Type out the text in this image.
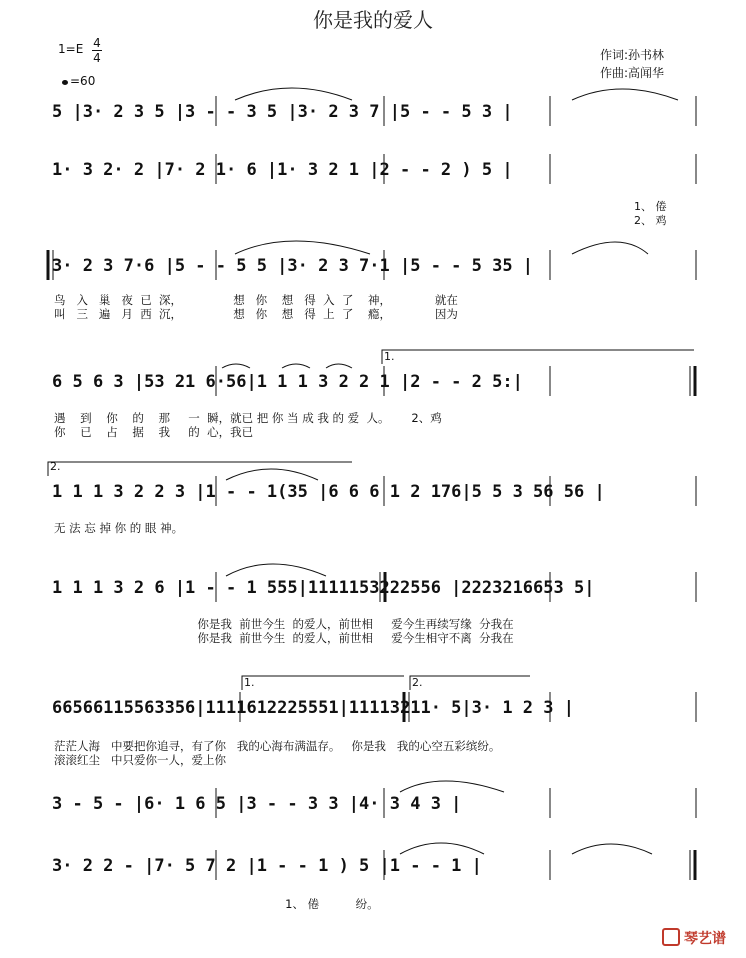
你是我的爱人
1=E 4
4
=60
作词:孙书林
作曲:高闻华
5 |3· 2 3 5 |3 - - 3 5 |3· 2 3 7 |5 - - 5 3 |
1· 3 2· 2 |7· 2 1· 6 |1· 3 2 1 |2 - - 2 ) 5 |
1、 倦
2、 鸡
3· 2 3 7·6 |5 - - 5 5 |3· 2 3 7·1 |5 - - 5 35 |
鸟   入   巢   夜  已  深，              想   你    想   得  入  了    神，            就在
叫   三   遍   月  西  沉，              想   你    想   得  上  了    瘾，            因为
1.
6 5 6 3 |53 21 6·56|1 1 1 3 2 2 1 |2 - - 2 5:|
遇    到    你    的    那     一  瞬，就已 把 你 当 成 我 的 爱  人。      2、鸡
你    已    占    据    我     的  心，我已
2.
1 1 1 3 2 2 3 |1 - - 1(35 |6 6 6 1 2 176|5 5 3 56 56 |
无 法 忘 掉 你 的 眼 神。
1 1 1 3 2 6 |1 - - 1 555|1111153222556 |2223216653 5|
你是我  前世今生  的爱人，前世相     爱今生再续写缘  分我在
你是我  前世今生  的爱人，前世相     爱今生相守不离  分我在
1.	2.
66566115563356|1111612225551|11113211· 5|3· 1 2 3 |
茫茫人海   中要把你追寻，有了你   我的心海布满温存。   你是我   我的心空五彩缤纷。
滚滚红尘   中只爱你一人，爱上你
3 - 5 - |6· 1 6 5 |3 - - 3 3 |4· 3 4 3 |
3· 2 2 - |7· 5 7 2 |1 - - 1 ) 5 |1 - - 1 |
1、 倦          纷。
琴艺谱
